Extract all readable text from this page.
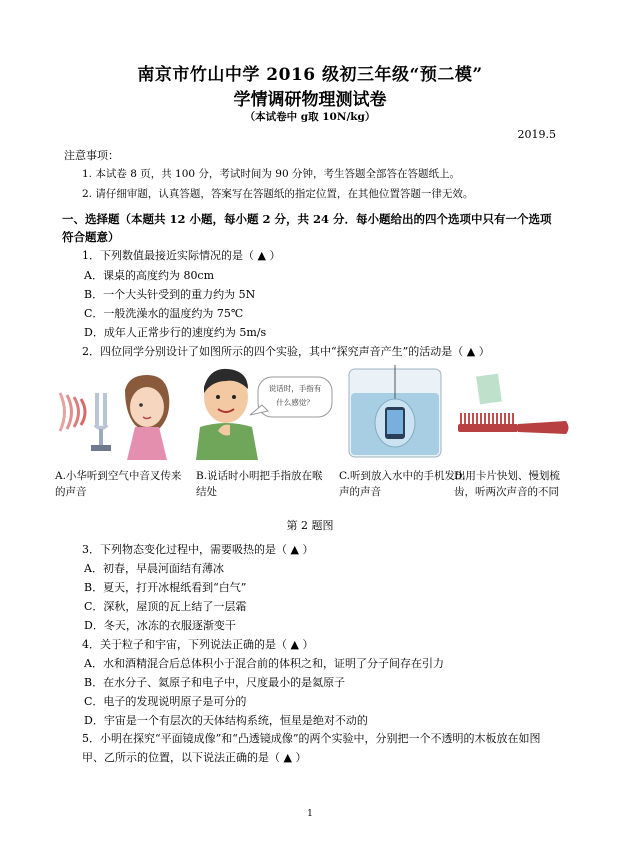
南京市竹山中学 2016 级初三年级“预二模”
学情调研物理测试卷
（本试卷中 g取 10N/kg）
2019.5
注意事项：
1. 本试卷 8 页，共 100 分，考试时间为 90 分钟，考生答题全部答在答题纸上。
2. 请仔细审题，认真答题，答案写在答题纸的指定位置，在其他位置答题一律无效。
一、选择题（本题共 12 小题，每小题 2 分，共 24 分．每小题给出的四个选项中只有一个选项符合题意）
1．下列数值最接近实际情况的是（ ▲ ）
A．课桌的高度约为 80cm
B．一个大头针受到的重力约为 5N
C．一般洗澡水的温度约为 75℃
D．成年人正常步行的速度约为 5m/s
2．四位同学分别设计了如图所示的四个实验，其中“探究声音产生”的活动是（ ▲ ）
说话时，手指有
什么感觉？
A.小华听到空气中音叉传来的声音
B.说话时小明把手指放在喉结处
C.听到放入水中的手机发出声的声音
D.用卡片快划、慢划梳齿，听两次声音的不同
第 2 题图
3．下列物态变化过程中，需要吸热的是（ ▲ ）
A．初春，早晨河面结有薄冰
B．夏天，打开冰棍纸看到“白气”
C．深秋，屋顶的瓦上结了一层霜
D．冬天，冰冻的衣服逐渐变干
4．关于粒子和宇宙，下列说法正确的是（ ▲ ）
A．水和酒精混合后总体积小于混合前的体积之和，证明了分子间存在引力
B．在水分子、氦原子和电子中，尺度最小的是氦原子
C．电子的发现说明原子是可分的
D．宇宙是一个有层次的天体结构系统，恒星是绝对不动的
5．小明在探究“平面镜成像”和“凸透镜成像”的两个实验中，分别把一个不透明的木板放在如图甲、乙所示的位置，以下说法正确的是（ ▲ ）
1
